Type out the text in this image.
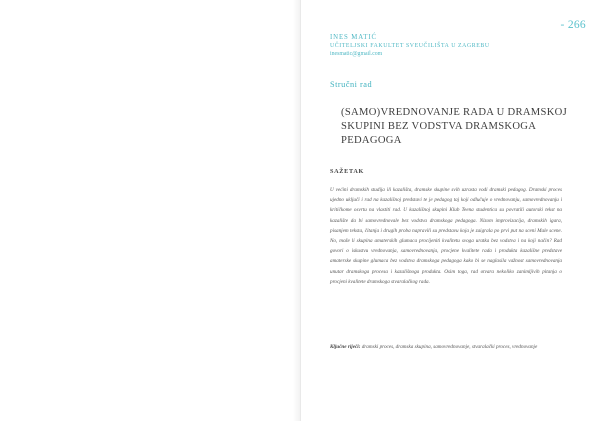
- 266
INES MATIĆ
UČITELJSKI FAKULTET SVEUČILIŠTA U ZAGREBU
inesmatic@gmail.com
Stručni rad
(SAMO)VREDNOVANJE RADA U DRAMSKOJ SKUPINI BEZ VODSTVA DRAMSKOGA PEDAGOGA
SAŽETAK
U većini dramskih studija ili kazališta, dramske skupine svih uzrasta vodi dramski pedagog. Dramski proces ujedno uključi i rad na kazališnoj predstavi te je pedagog taj koji odlučuje o vrednovanju, samovrednovanju i kritičkome osvrtu na vlastiti rad. U kazališnoj skupini Klub Teena studentica su povratili autorski tekst na kazalište da bi samovrednovale bez vodstva dramskoga pedagoga. Nizom improvizacija, dramskih igara, pisanjem teksta, čitanja i drugih proba napravili su predstavu koja je zaigrala po prvi put na sceni Male scene. No, može li skupina amaterskih glumaca procijeniti kvalitetu svoga uratka bez vodstva i na koji način? Rad govori o iskustvu vrednovanja, samovrednovanja, procjene kvalitete rada i produkta kazališne predstave amaterske skupine glumaca bez vodstva dramskoga pedagoga kako bi se naglasila važnost samovrednovanja unutar dramskoga procesa i kazališnoga produkta. Osim toga, rad otvara nekoliko zanimljivih pitanja o procjeni kvalitete dramskoga stvaralačkog rada.
Ključne riječi: dramski proces, dramska skupina, samovrednovanje, stvaralački proces, vrednovanje
